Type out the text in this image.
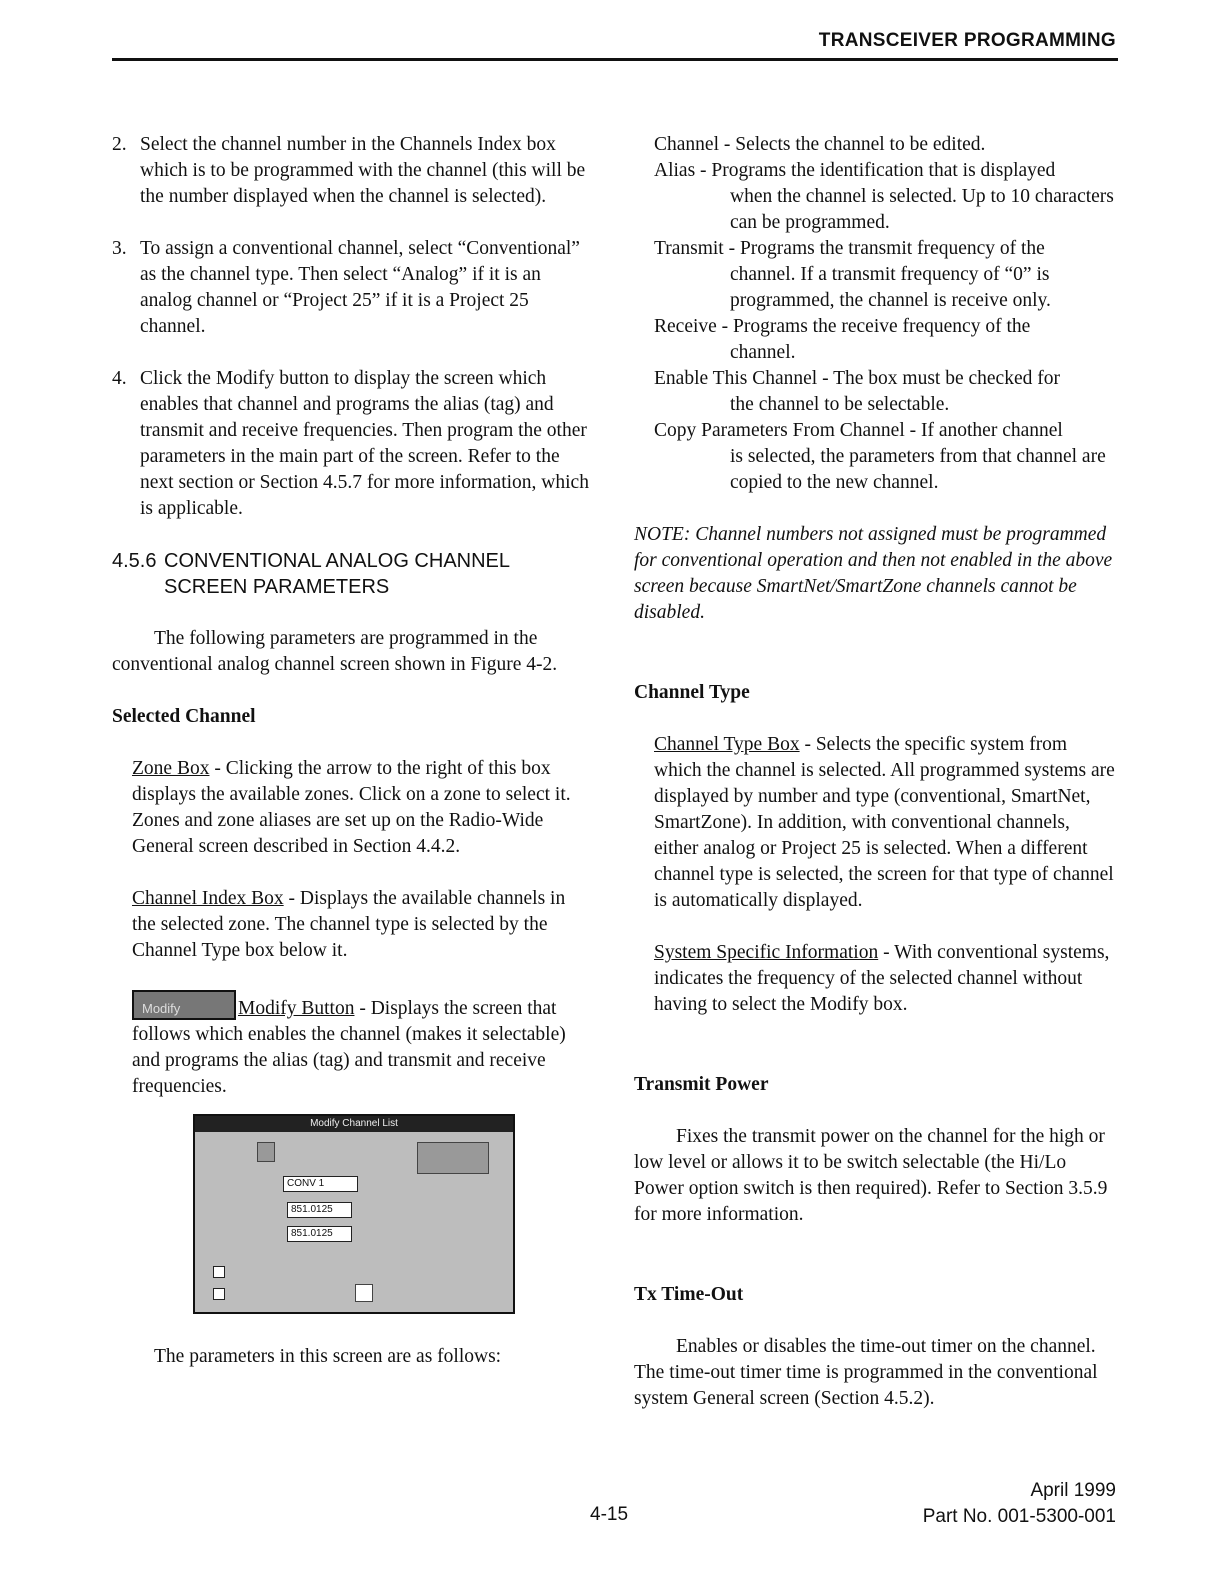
TRANSCEIVER PROGRAMMING
2. Select the channel number in the Channels Index box which is to be programmed with the channel (this will be the number displayed when the channel is selected).
3. To assign a conventional channel, select “Conventional” as the channel type. Then select “Analog” if it is an analog channel or “Project 25” if it is a Project 25 channel.
4. Click the Modify button to display the screen which enables that channel and programs the alias (tag) and transmit and receive frequencies. Then program the other parameters in the main part of the screen. Refer to the next section or Section 4.5.7 for more information, which is applicable.
4.5.6 CONVENTIONAL ANALOG CHANNEL
SCREEN PARAMETERS

The following parameters are programmed in the conventional analog channel screen shown in Figure 4-2.

Selected Channel

Zone Box - Clicking the arrow to the right of this box displays the available zones. Click on a zone to select it. Zones and zone aliases are set up on the Radio-Wide General screen described in Section 4.4.2.

Channel Index Box - Displays the available channels in the selected zone. The channel type is selected by the Channel Type box below it.

Modify	Modify Button - Displays the screen that follows which enables the channel (makes it selectable) and programs the alias (tag) and transmit and receive frequencies.

Modify Channel List
CONV 1
851.0125
851.0125

The parameters in this screen are as follows:

Channel - Selects the channel to be edited.
Alias - Programs the identification that is displayed
when the channel is selected. Up to 10 characters can be programmed.
Transmit - Programs the transmit frequency of the
channel. If a transmit frequency of “0” is programmed, the channel is receive only.
Receive - Programs the receive frequency of the
channel.
Enable This Channel - The box must be checked for
the channel to be selectable.
Copy Parameters From Channel - If another channel
is selected, the parameters from that channel are copied to the new channel.

NOTE: Channel numbers not assigned must be programmed for conventional operation and then not enabled in the above screen because SmartNet/SmartZone channels cannot be disabled.

Channel Type

Channel Type Box - Selects the specific system from which the channel is selected. All programmed systems are displayed by number and type (conventional, SmartNet, SmartZone). In addition, with conventional channels, either analog or Project 25 is selected. When a different channel type is selected, the screen for that type of channel is automatically displayed.

System Specific Information - With conventional systems, indicates the frequency of the selected channel without having to select the Modify box.

Transmit Power

Fixes the transmit power on the channel for the high or low level or allows it to be switch selectable (the Hi/Lo Power option switch is then required). Refer to Section 3.5.9 for more information.

Tx Time-Out

Enables or disables the time-out timer on the channel. The time-out timer time is programmed in the conventional system General screen (Section 4.5.2).

April 1999
Part No. 001-5300-001
4-15
